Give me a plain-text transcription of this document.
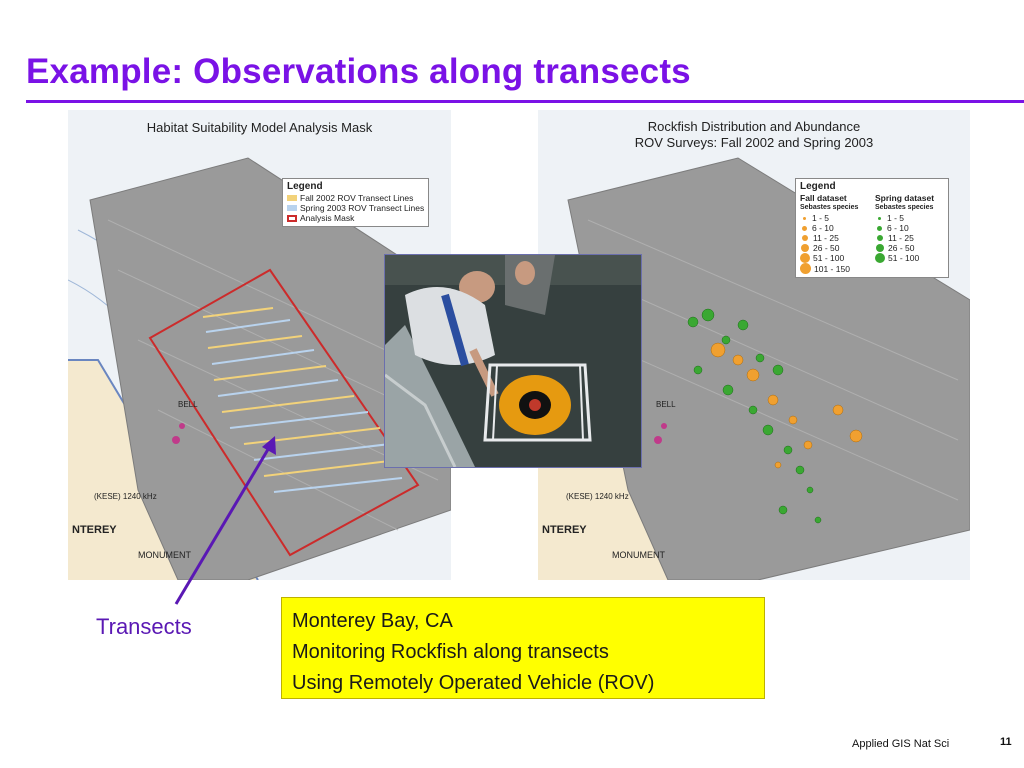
Example: Observations along transects
Habitat Suitability Model Analysis Mask
Legend
Fall 2002 ROV Transect Lines
Spring 2003 ROV Transect Lines
Analysis Mask
NTEREY
MONUMENT
(KESE) 1240 kHz
BELL
Rockfish Distribution and Abundance
ROV Surveys: Fall 2002 and Spring 2003
Legend
Fall dataset
Sebastes species
1 - 5
6 - 10
11 - 25
26 - 50
51 - 100
101 - 150
Spring dataset
Sebastes species
1 - 5
6 - 10
11 - 25
26 - 50
51 - 100
NTEREY
MONUMENT
(KESE) 1240 kHz
BELL
Transects	Monterey Bay, CA

Monitoring Rockfish along transects

Using Remotely Operated Vehicle (ROV)

Applied GIS Nat Sci	11
